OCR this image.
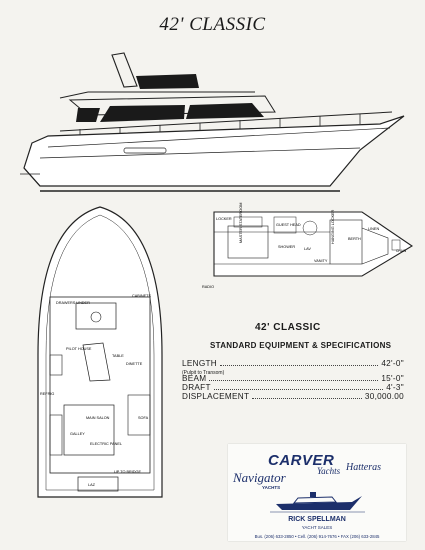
42' CLASSIC
LOCKER MASTER STATEROOM	GUEST HEAD
SHOWER LAV
VANITY
HANGING LOCKER	BERTH
LINEN
CHAIN
RADIO
DRAWERS UNDER
CABINETS
PILOT HOUSE
TABLE
DINETTE
REFRIG
GALLEY
MAIN SALON	SOFA
ELECTRIC PANEL
UP TO BRIDGE
LAZ
42' CLASSIC
STANDARD EQUIPMENT & SPECIFICATIONS
LENGTH	42'-0"
(Pulpit to Transom)
BEAM	15'-0"
DRAFT	4'-3"
DISPLACEMENT	30,000.00
CARVER
Yachts
Navigator
YACHTS
Hatteras
RICK SPELLMAN
YACHT SALES
Bus. (206) 633-2850 • Cell. (206) 914-7676 • FAX (206) 633-2845
